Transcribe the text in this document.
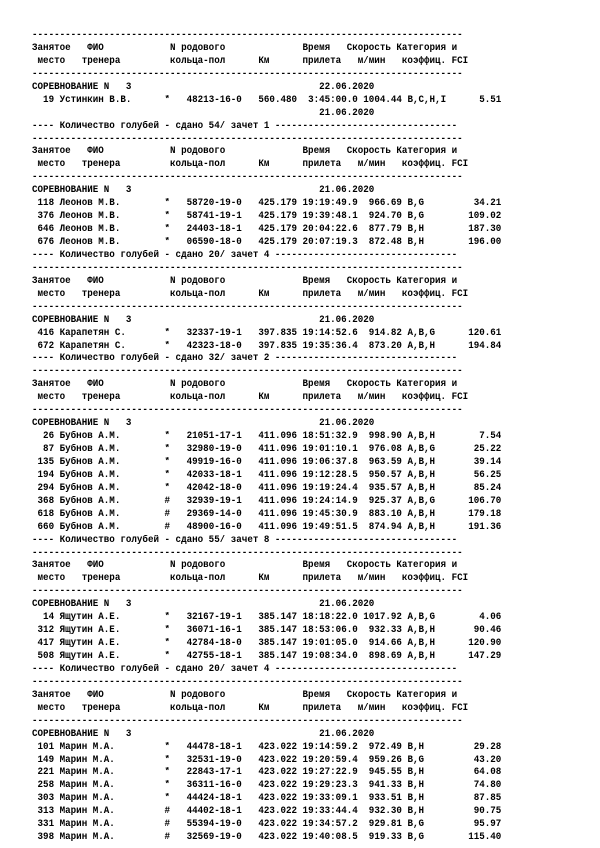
------------------------------------------------------------------------------
Занятое   ФИО            N родового              Время   Скорость Категория и
место   тренера         кольца-пол      Км      прилета   м/мин   коэффиц. FCI
------------------------------------------------------------------------------
СОРЕВНОВАНИЕ N   3                                  22.06.2020
19 Устинкин В.В.      *   48213-16-0   560.480  3:45:00.0 1004.44 B,C,H,I      5.51
21.06.2020
---- Количество голубей - сдано 54/ зачет 1 ---------------------------------
------------------------------------------------------------------------------
Занятое   ФИО            N родового              Время   Скорость Категория и
место   тренера         кольца-пол      Км      прилета   м/мин   коэффиц. FCI
------------------------------------------------------------------------------
СОРЕВНОВАНИЕ N   3                                  21.06.2020
118 Леонов М.В.        *   58720-19-0   425.179 19:19:49.9  966.69 B,G         34.21
376 Леонов М.В.        *   58741-19-1   425.179 19:39:48.1  924.70 B,G        109.02
646 Леонов М.В.        *   24403-18-1   425.179 20:04:22.6  877.79 B,H        187.30
676 Леонов М.В.        *   06590-18-0   425.179 20:07:19.3  872.48 B,H        196.00
---- Количество голубей - сдано 20/ зачет 4 ---------------------------------
------------------------------------------------------------------------------
Занятое   ФИО            N родового              Время   Скорость Категория и
место   тренера         кольца-пол      Км      прилета   м/мин   коэффиц. FCI
------------------------------------------------------------------------------
СОРЕВНОВАНИЕ N   3                                  21.06.2020
416 Карапетян С.       *   32337-19-1   397.835 19:14:52.6  914.82 A,B,G      120.61
672 Карапетян С.       *   42323-18-0   397.835 19:35:36.4  873.20 A,B,H      194.84
---- Количество голубей - сдано 32/ зачет 2 ---------------------------------
------------------------------------------------------------------------------
Занятое   ФИО            N родового              Время   Скорость Категория и
место   тренера         кольца-пол      Км      прилета   м/мин   коэффиц. FCI
------------------------------------------------------------------------------
СОРЕВНОВАНИЕ N   3                                  21.06.2020
26 Бубнов А.М.        *   21051-17-1   411.096 18:51:32.9  998.90 A,B,H        7.54
87 Бубнов А.М.        *   32980-19-0   411.096 19:01:10.1  976.08 A,B,G       25.22
135 Бубнов А.М.        *   49919-16-0   411.096 19:06:37.8  963.59 A,B,H       39.14
194 Бубнов А.М.        *   42033-18-1   411.096 19:12:28.5  950.57 A,B,H       56.25
294 Бубнов А.М.        *   42042-18-0   411.096 19:19:24.4  935.57 A,B,H       85.24
368 Бубнов А.М.        #   32939-19-1   411.096 19:24:14.9  925.37 A,B,G      106.70
618 Бубнов А.М.        #   29369-14-0   411.096 19:45:30.9  883.10 A,B,H      179.18
660 Бубнов А.М.        #   48900-16-0   411.096 19:49:51.5  874.94 A,B,H      191.36
---- Количество голубей - сдано 55/ зачет 8 ---------------------------------
------------------------------------------------------------------------------
Занятое   ФИО            N родового              Время   Скорость Категория и
место   тренера         кольца-пол      Км      прилета   м/мин   коэффиц. FCI
------------------------------------------------------------------------------
СОРЕВНОВАНИЕ N   3                                  21.06.2020
14 Ящутин А.Е.        *   32167-19-1   385.147 18:18:22.0 1017.92 A,B,G        4.06
312 Ящутин А.Е.        *   36071-16-1   385.147 18:53:06.0  932.33 A,B,H       90.46
417 Ящутин А.Е.        *   42784-18-0   385.147 19:01:05.0  914.66 A,B,H      120.90
508 Ящутин А.Е.        *   42755-18-1   385.147 19:08:34.0  898.69 A,B,H      147.29
---- Количество голубей - сдано 20/ зачет 4 ---------------------------------
------------------------------------------------------------------------------
Занятое   ФИО            N родового              Время   Скорость Категория и
место   тренера         кольца-пол      Км      прилета   м/мин   коэффиц. FCI
------------------------------------------------------------------------------
СОРЕВНОВАНИЕ N   3                                  21.06.2020
101 Марин М.А.         *   44478-18-1   423.022 19:14:59.2  972.49 B,H         29.28
149 Марин М.А.         *   32531-19-0   423.022 19:20:59.4  959.26 B,G         43.20
221 Марин М.А.         *   22843-17-1   423.022 19:27:22.9  945.55 B,H         64.08
258 Марин М.А.         *   36311-16-0   423.022 19:29:23.3  941.33 B,H         74.80
303 Марин М.А.         *   44424-18-1   423.022 19:33:09.1  933.51 B,H         87.85
313 Марин М.А.         #   44402-18-1   423.022 19:33:44.4  932.30 B,H         90.75
331 Марин М.А.         #   55394-19-0   423.022 19:34:57.2  929.81 B,G         95.97
398 Марин М.А.         #   32569-19-0   423.022 19:40:08.5  919.33 B,G        115.40
